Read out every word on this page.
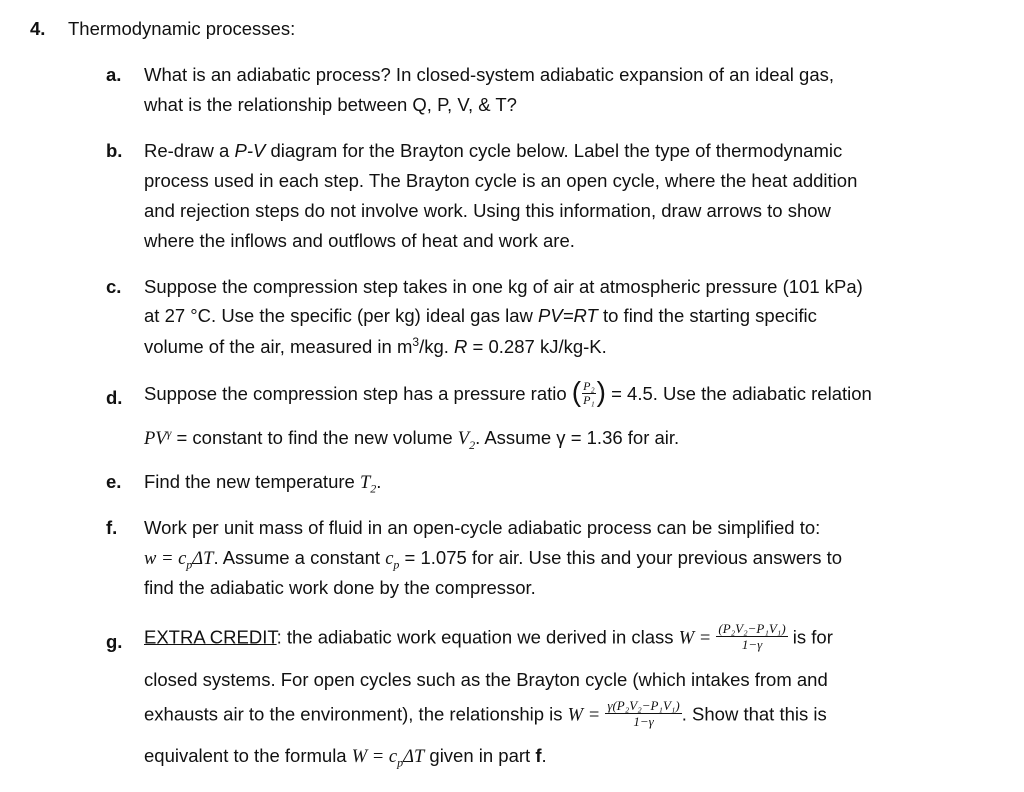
4. Thermodynamic processes:
a. What is an adiabatic process? In closed-system adiabatic expansion of an ideal gas,
what is the relationship between Q, P, V, & T?
b. Re-draw a P-V diagram for the Brayton cycle below. Label the type of thermodynamic
process used in each step. The Brayton cycle is an open cycle, where the heat addition
and rejection steps do not involve work. Using this information, draw arrows to show
where the inflows and outflows of heat and work are.
c. Suppose the compression step takes in one kg of air at atmospheric pressure (101 kPa)
at 27 °C. Use the specific (per kg) ideal gas law PV=RT to find the starting specific
volume of the air, measured in $m^3/kg$. R = 0.287 kJ/kg-K.
d. Suppose the compression step has a pressure ratio ( $\frac{\text{P₂}}{\text{P₁}}$ ) = 4.5. Use the adiabatic relation
$PV^\gamma$ = constant to find the new volume $V_2$. Assume γ = 1.36 for air.
e. Find the new temperature $T_2$.
f. Work per unit mass of fluid in an open-cycle adiabatic process can be simplified to:
$w = c_p\Delta T$. Assume a constant $c_p = 1.075$ for air. Use this and your previous answers to
find the adiabatic work done by the compressor.
g. EXTRA CREDIT: the adiabatic work equation we derived in class $W = \frac{\text{(P₂V₂−P₁V₁)}}{1-\gamma}$ is for
closed systems. For open cycles such as the Brayton cycle (which intakes from and
exhausts air to the environment), the relationship is $W = \frac{\text{γ(P₂V₂−P₁V₁)}}{1-\gamma}$ . Show that this is
equivalent to the formula $W = c_p\Delta T$ given in part f.
